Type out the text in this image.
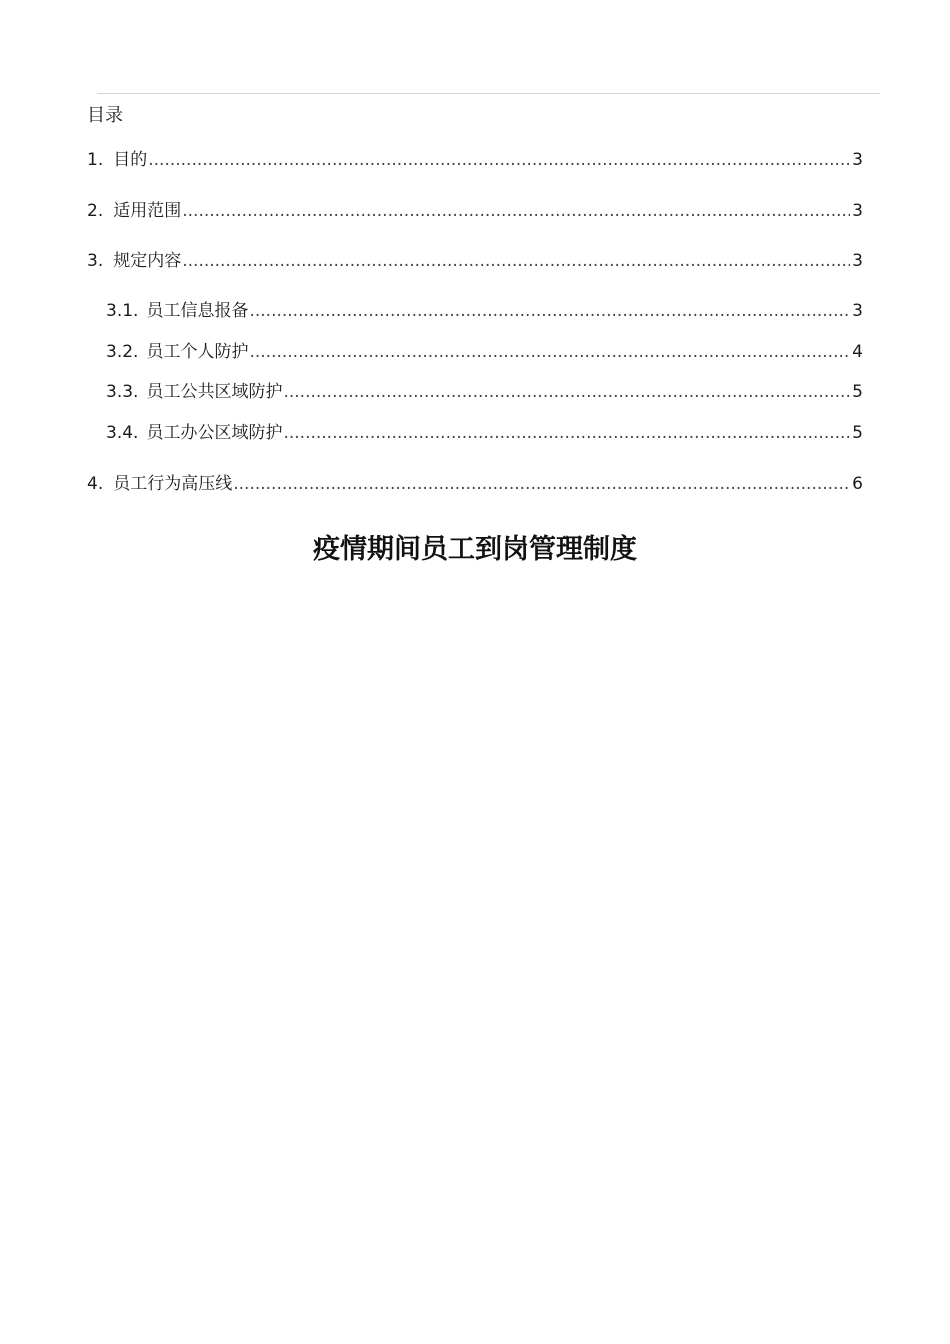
目录
1. 目的 .....	3
2. 适用范围 .....	3
3. 规定内容 .....	3
3.1. 员工信息报备 .....	3
3.2. 员工个人防护 .....	4
3.3. 员工公共区域防护 .....	5
3.4. 员工办公区域防护 .....	5
4. 员工行为高压线 .....	6
疫情期间员工到岗管理制度
